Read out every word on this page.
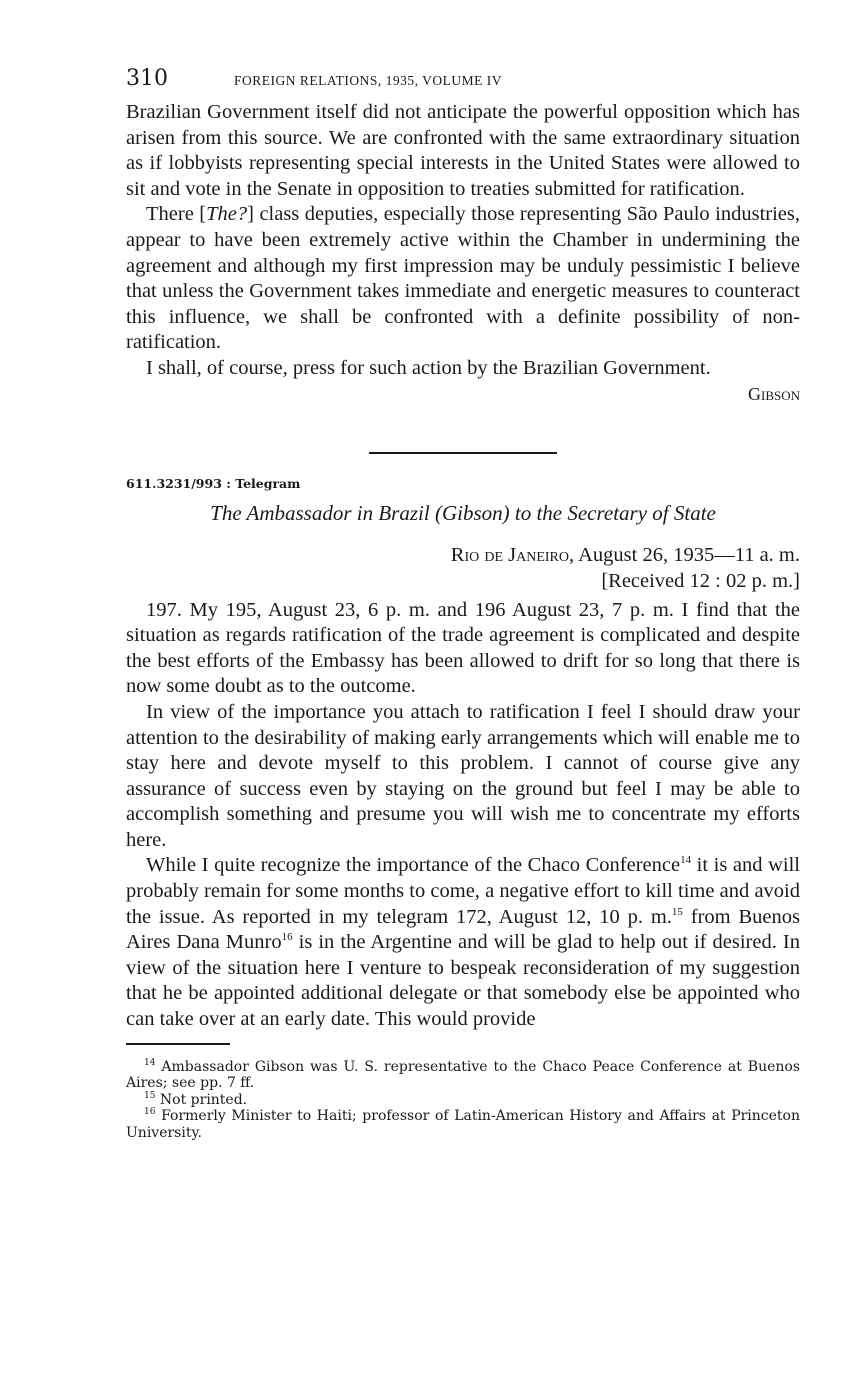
310	FOREIGN RELATIONS, 1935, VOLUME IV

Brazilian Government itself did not anticipate the powerful opposition which has arisen from this source. We are confronted with the same extraordinary situation as if lobbyists representing special interests in the United States were allowed to sit and vote in the Senate in opposition to treaties submitted for ratification.

There [The?] class deputies, especially those representing São Paulo industries, appear to have been extremely active within the Chamber in undermining the agreement and although my first impression may be unduly pessimistic I believe that unless the Government takes immediate and energetic measures to counteract this influence, we shall be confronted with a definite possibility of non-ratification.

I shall, of course, press for such action by the Brazilian Government.

Gibson
611.3231/993 : Telegram
The Ambassador in Brazil (Gibson) to the Secretary of State
Rio de Janeiro, August 26, 1935—11 a. m.
[Received 12 : 02 p. m.]

197. My 195, August 23, 6 p. m. and 196 August 23, 7 p. m. I find that the situation as regards ratification of the trade agreement is complicated and despite the best efforts of the Embassy has been allowed to drift for so long that there is now some doubt as to the outcome.

In view of the importance you attach to ratification I feel I should draw your attention to the desirability of making early arrangements which will enable me to stay here and devote myself to this problem. I cannot of course give any assurance of success even by staying on the ground but feel I may be able to accomplish something and presume you will wish me to concentrate my efforts here.

While I quite recognize the importance of the Chaco Conference$^{14}$ it is and will probably remain for some months to come, a negative effort to kill time and avoid the issue. As reported in my telegram 172, August 12, 10 p. m.$^{15}$ from Buenos Aires Dana Munro$^{16}$ is in the Argentine and will be glad to help out if desired. In view of the situation here I venture to bespeak reconsideration of my suggestion that he be appointed additional delegate or that somebody else be appointed who can take over at an early date. This would provide

$^{14}$ Ambassador Gibson was U. S. representative to the Chaco Peace Conference at Buenos Aires; see pp. 7 ff.

$^{15}$ Not printed.

$^{16}$ Formerly Minister to Haiti; professor of Latin-American History and Affairs at Princeton University.
